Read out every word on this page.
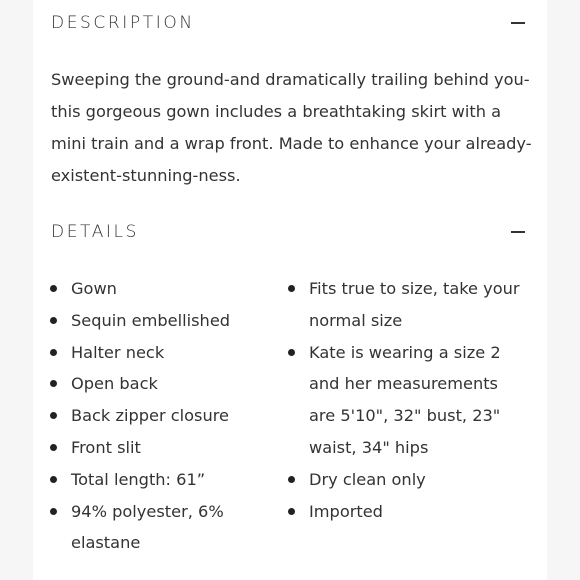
DESCRIPTION

Sweeping the ground-and dramatically trailing behind you- this gorgeous gown includes a breathtaking skirt with a mini train and a wrap front. Made to enhance your already-existent-stunning-ness.

DETAILS
Gown
Sequin embellished
Halter neck
Open back
Back zipper closure
Front slit
Total length: 61”
94% polyester, 6% elastane
Fits true to size, take your normal size
Kate is wearing a size 2 and her measurements are 5'10", 32" bust, 23" waist, 34" hips
Dry clean only
Imported
